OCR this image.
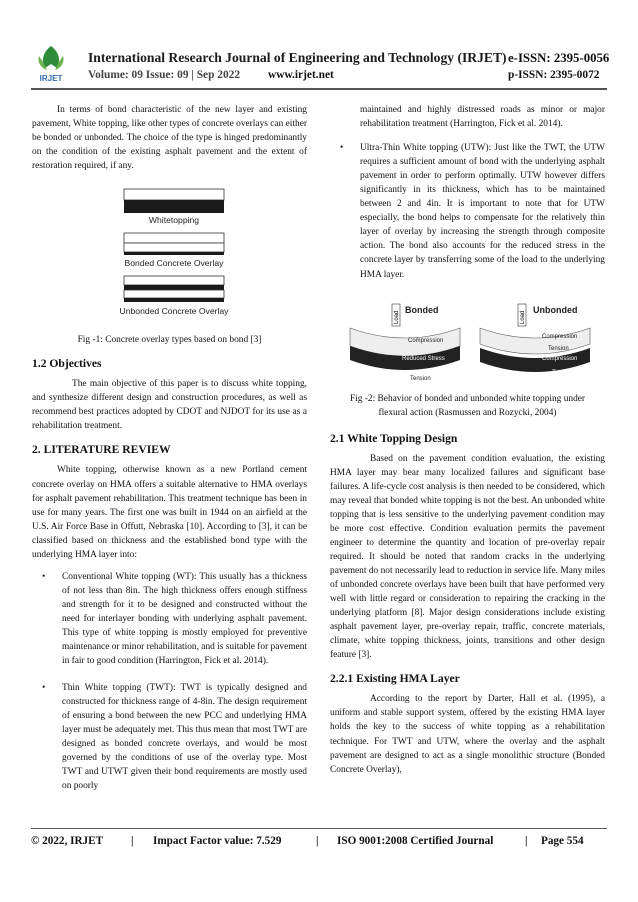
IRJET
International Research Journal of Engineering and Technology (IRJET) e-ISSN: 2395-0056
Volume: 09 Issue: 09 | Sep 2022 www.irjet.net	p-ISSN: 2395-0072

In terms of bond characteristic of the new layer and existing pavement, White topping, like other types of concrete overlays can either be bonded or unbonded. The choice of the type is hinged predominantly on the condition of the existing asphalt pavement and the extent of restoration required, if any.

Whitetopping
Bonded Concrete Overlay
Unbonded Concrete Overlay

Fig -1: Concrete overlay types based on bond [3]

1.2 Objectives

The main objective of this paper is to discuss white topping, and synthesize different design and construction procedures, as well as recommend best practices adopted by CDOT and NJDOT for its use as a rehabilitation treatment.

2. LITERATURE REVIEW

White topping, otherwise known as a new Portland cement concrete overlay on HMA offers a suitable alternative to HMA overlays for asphalt pavement rehabilitation. This treatment technique has been in use for many years. The first one was built in 1944 on an airfield at the U.S. Air Force Base in Offutt, Nebraska [10]. According to [3], it can be classified based on thickness and the established bond type with the underlying HMA layer into:

• Conventional White topping (WT): This usually has a thickness of not less than 8in. The high thickness offers enough stiffness and strength for it to be designed and constructed without the need for interlayer bonding with underlying asphalt pavement. This type of white topping is mostly employed for preventive maintenance or minor rehabilitation, and is suitable for pavement in fair to good condition (Harrington, Fick et al. 2014).
• Thin White topping (TWT): TWT is typically designed and constructed for thickness range of 4-8in. The design requirement of ensuring a bond between the new PCC and underlying HMA layer must be adequately met. This thus mean that most TWT are designed as bonded concrete overlays, and would be most governed by the conditions of use of the overlay type. Most TWT and UTWT given their bond requirements are mostly used on poorly

maintained and highly distressed roads as minor or major rehabilitation treatment (Harrington, Fick et al. 2014).

• Ultra-Thin White topping (UTW): Just like the TWT, the UTW requires a sufficient amount of bond with the underlying asphalt pavement in order to perform optimally. UTW however differs significantly in its thickness, which has to be maintained between 2 and 4in. It is important to note that for UTW especially, the bond helps to compensate for the relatively thin layer of overlay by increasing the strength through composite action. The bond also accounts for the reduced stress in the concrete layer by transferring some of the load to the underlying HMA layer.
Load
Bonded
Compression
Reduced Stress
Tension
Load
Unbonded
Compression
Tension
Compression
Tension

Fig -2: Behavior of bonded and unbonded white topping under flexural action (Rasmussen and Rozycki, 2004)

2.1 White Topping Design

Based on the pavement condition evaluation, the existing HMA layer may bear many localized failures and significant base failures. A life-cycle cost analysis is then needed to be considered, which may reveal that bonded white topping is not the best. An unbonded white topping that is less sensitive to the underlying pavement condition may be more cost effective. Condition evaluation permits the pavement engineer to determine the quantity and location of pre-overlay repair required. It should be noted that random cracks in the underlying pavement do not necessarily lead to reduction in service life. Many miles of unbonded concrete overlays have been built that have performed very well with little regard or consideration to repairing the cracking in the underlying platform [8]. Major design considerations include existing asphalt pavement layer, pre-overlay repair, traffic, concrete materials, climate, white topping thickness, joints, transitions and other design feature [3].

2.2.1 Existing HMA Layer

According to the report by Darter, Hall et al. (1995), a uniform and stable support system, offered by the existing HMA layer holds the key to the success of white topping as a rehabilitation technique. For TWT and UTW, where the overlay and the asphalt pavement are designed to act as a single monolithic structure (Bonded Concrete Overlay),

© 2022, IRJET | Impact Factor value: 7.529	| ISO 9001:2008 Certified Journal	| Page 554
